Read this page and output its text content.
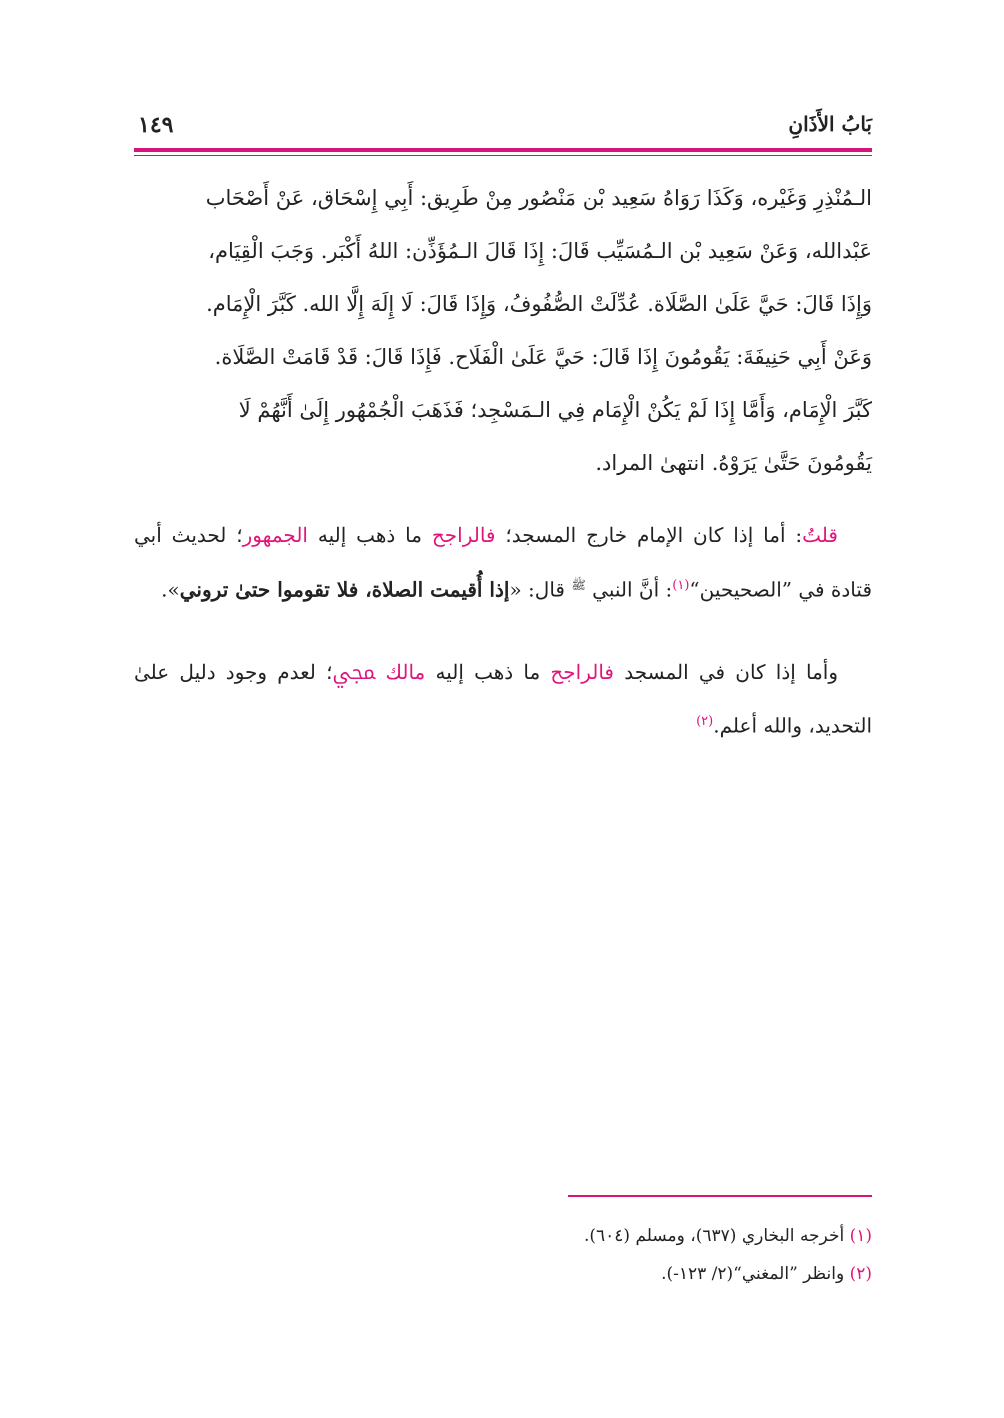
بَابُ الأَذَانِ
١٤٩

الـمُنْذِرِ وَغَيْره، وَكَذَا رَوَاهُ سَعِيد بْن مَنْصُور مِنْ طَرِيق: أَبِي إِسْحَاق، عَنْ أَصْحَاب

عَبْدالله، وَعَنْ سَعِيد بْن الـمُسَيِّب قَالَ: إِذَا قَالَ الـمُؤَذِّن: اللهُ أَكْبَر. وَجَبَ الْقِيَام،

وَإِذَا قَالَ: حَيَّ عَلَىٰ الصَّلَاة. عُدِّلَتْ الصُّفُوفُ، وَإِذَا قَالَ: لَا إِلَهَ إِلَّا الله. كَبَّرَ الْإِمَام.

وَعَنْ أَبِي حَنِيفَةَ: يَقُومُونَ إِذَا قَالَ: حَيَّ عَلَىٰ الْفَلَاح. فَإِذَا قَالَ: قَدْ قَامَتْ الصَّلَاة.

كَبَّرَ الْإِمَام، وَأَمَّا إِذَا لَمْ يَكُنْ الْإِمَام فِي الـمَسْجِد؛ فَذَهَبَ الْجُمْهُور إِلَىٰ أَنَّهُمْ لَا

يَقُومُونَ حَتَّىٰ يَرَوْهُ. انتهىٰ المراد.

قلتُ: أما إذا كان الإمام خارج المسجد؛ فالراجح ما ذهب إليه الجمهور؛ لحديث أبي قتادة في ”الصحيحين“$^{(١)}$: أنَّ النبي $^ﷺ$ قال: «إذا أُقيمت الصلاة، فلا تقوموا حتىٰ تروني».

وأما إذا كان في المسجد فالراجح ما ذهب إليه مالك ﷀ؛ لعدم وجود دليل علىٰ التحديد، والله أعلم.$^{(٢)}$

(١) أخرجه البخاري (٦٣٧)، ومسلم (٦٠٤).

(٢) وانظر ”المغني“(٢/ ١٢٣-).
